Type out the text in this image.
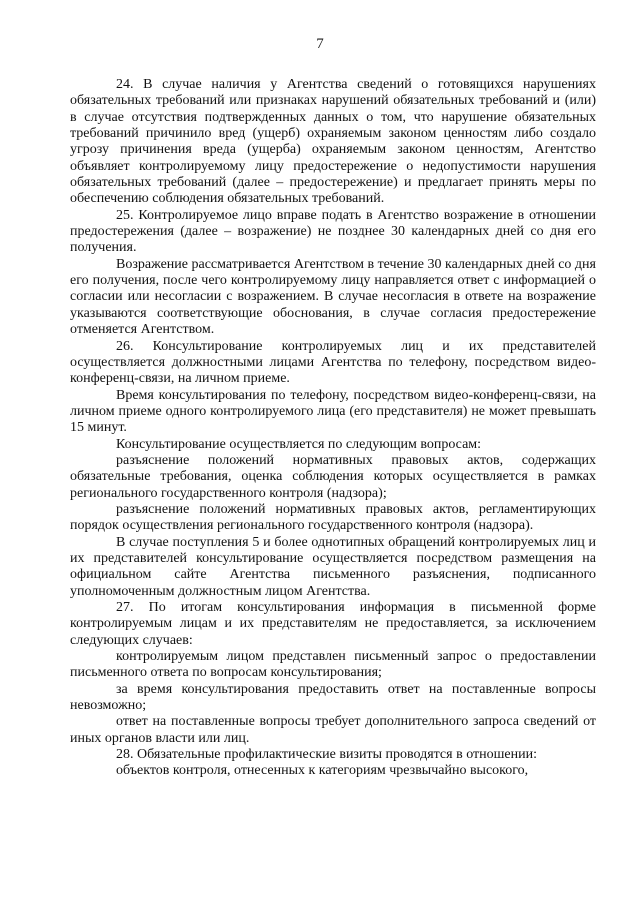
7

24. В случае наличия у Агентства сведений о готовящихся нарушениях обязательных требований или признаках нарушений обязательных требований и (или) в случае отсутствия подтвержденных данных о том, что нарушение обязательных требований причинило вред (ущерб) охраняемым законом ценностям либо создало угрозу причинения вреда (ущерба) охраняемым законом ценностям, Агентство объявляет контролируемому лицу предостережение о недопустимости нарушения обязательных требований (далее – предостережение) и предлагает принять меры по обеспечению соблюдения обязательных требований.

25. Контролируемое лицо вправе подать в Агентство возражение в отношении предостережения (далее – возражение) не позднее 30 календарных дней со дня его получения.

Возражение рассматривается Агентством в течение 30 календарных дней со дня его получения, после чего контролируемому лицу направляется ответ с информацией о согласии или несогласии с возражением. В случае несогласия в ответе на возражение указываются соответствующие обоснования, в случае согласия предостережение отменяется Агентством.

26. Консультирование контролируемых лиц и их представителей осуществляется должностными лицами Агентства по телефону, посредством видео-конференц-связи, на личном приеме.

Время консультирования по телефону, посредством видео-конференц-связи, на личном приеме одного контролируемого лица (его представителя) не может превышать 15 минут.

Консультирование осуществляется по следующим вопросам:

разъяснение положений нормативных правовых актов, содержащих обязательные требования, оценка соблюдения которых осуществляется в рамках регионального государственного контроля (надзора);

разъяснение положений нормативных правовых актов, регламентирующих порядок осуществления регионального государственного контроля (надзора).

В случае поступления 5 и более однотипных обращений контролируемых лиц и их представителей консультирование осуществляется посредством размещения на официальном сайте Агентства письменного разъяснения, подписанного уполномоченным должностным лицом Агентства.

27. По итогам консультирования информация в письменной форме контролируемым лицам и их представителям не предоставляется, за исключением следующих случаев:

контролируемым лицом представлен письменный запрос о предоставлении письменного ответа по вопросам консультирования;

за время консультирования предоставить ответ на поставленные вопросы невозможно;

ответ на поставленные вопросы требует дополнительного запроса сведений от иных органов власти или лиц.

28. Обязательные профилактические визиты проводятся в отношении:

объектов контроля, отнесенных к категориям чрезвычайно высокого,
